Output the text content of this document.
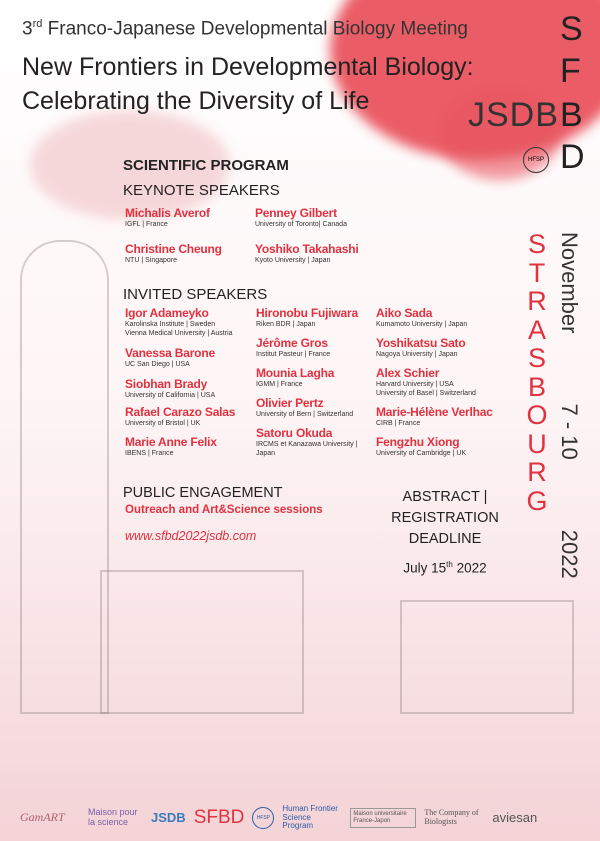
3rd Franco-Japanese Developmental Biology Meeting
New Frontiers in Developmental Biology:
Celebrating the Diversity of Life
S
F
B
D
JSDB
HFSP
S
T
R
A
S
B
O
U
R
G
November7 - 102022
SCIENTIFIC PROGRAM
KEYNOTE SPEAKERS
Michalis Averof
IGFL | France
Penney Gilbert
University of Toronto| Canada
Christine Cheung
NTU | Singapore
Yoshiko Takahashi
Kyoto University | Japan
INVITED SPEAKERS
Igor Adameyko
Karolinska Institute | Sweden
Vienna Medical University | Austria
Vanessa Barone
UC San Diego | USA
Siobhan Brady
University of California | USA
Rafael Carazo Salas
University of Bristol | UK
Marie Anne Felix
IBENS | France
Hironobu Fujiwara
Riken BDR | Japan
Jérôme Gros
Institut Pasteur | France
Mounia Lagha
IGMM | France
Olivier Pertz
University of Bern | Switzerland
Satoru Okuda
IRCMS et Kanazawa University |
Japan
Aiko Sada
Kumamoto University | Japan
Yoshikatsu Sato
Nagoya University | Japan
Alex Schier
Harvard University | USA
University of Basel | Switzerland
Marie-Hélène Verlhac
CIRB | France
Fengzhu Xiong
University of Cambridge | UK
PUBLIC ENGAGEMENT
Outreach and Art&Science sessions
www.sfbd2022jsdb.com
ABSTRACT |
REGISTRATION
DEADLINE
July 15th 2022
GamART	Maison pour la science	JSDB SFBD	HFSP
Human Frontier Science Program
Maison universitaire France-Japon
The Company of Biologists	aviesan
